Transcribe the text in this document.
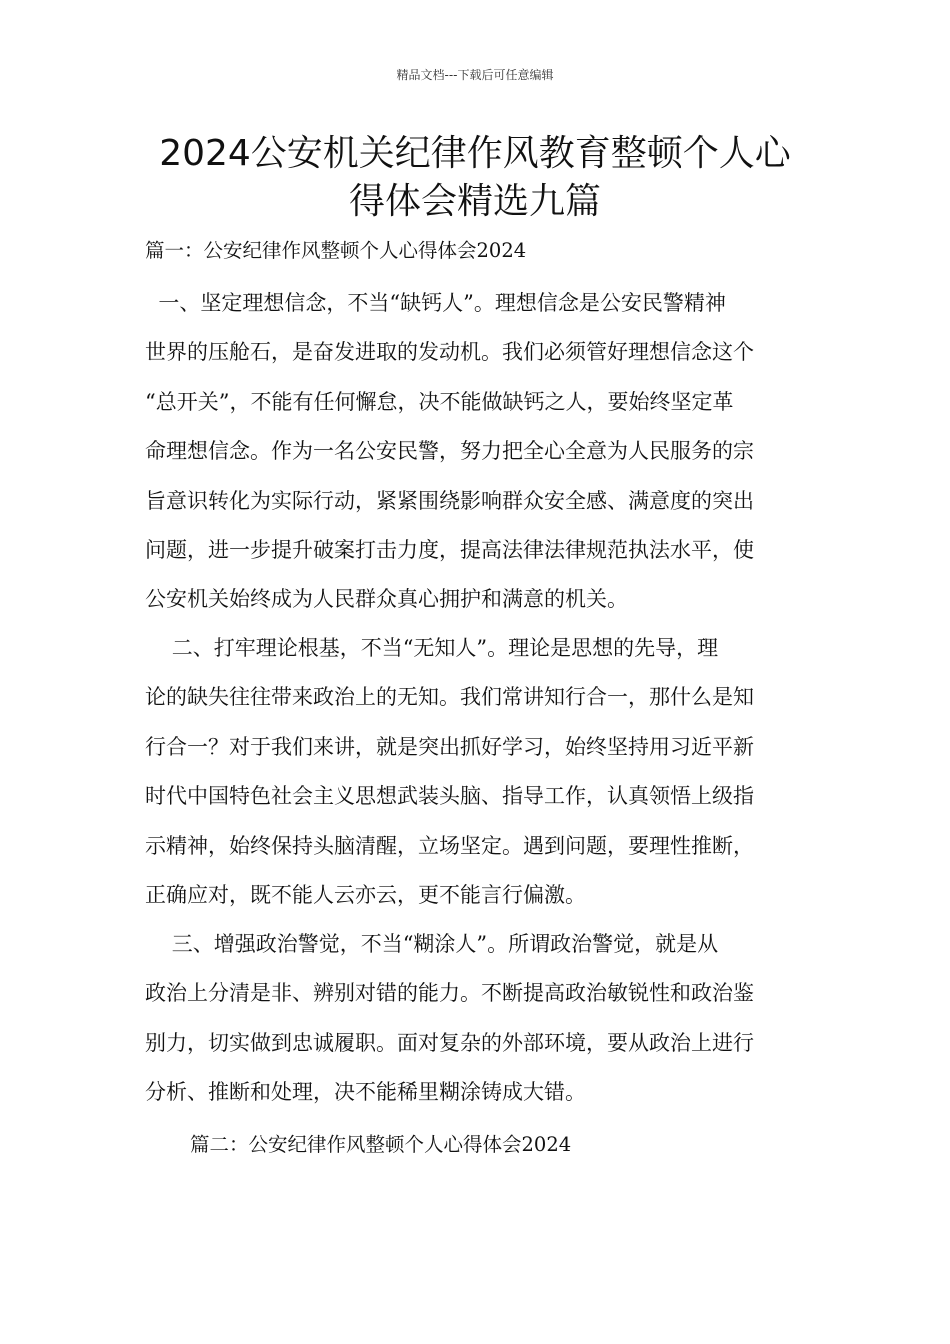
精品文档---下载后可任意编辑
2024公安机关纪律作风教育整顿个人心
得体会精选九篇
篇一：公安纪律作风整顿个人心得体会2024
一、坚定理想信念，不当“缺钙人”。理想信念是公安民警精神
世界的压舱石，是奋发进取的发动机。我们必须管好理想信念这个
“总开关”，不能有任何懈怠，决不能做缺钙之人，要始终坚定革
命理想信念。作为一名公安民警，努力把全心全意为人民服务的宗
旨意识转化为实际行动，紧紧围绕影响群众安全感、满意度的突出
问题，进一步提升破案打击力度，提高法律法律规范执法水平，使
公安机关始终成为人民群众真心拥护和满意的机关。
二、打牢理论根基，不当“无知人”。理论是思想的先导，理
论的缺失往往带来政治上的无知。我们常讲知行合一，那什么是知
行合一？对于我们来讲，就是突出抓好学习，始终坚持用习近平新
时代中国特色社会主义思想武装头脑、指导工作，认真领悟上级指
示精神，始终保持头脑清醒，立场坚定。遇到问题，要理性推断，
正确应对，既不能人云亦云，更不能言行偏激。
三、增强政治警觉，不当“糊涂人”。所谓政治警觉，就是从
政治上分清是非、辨别对错的能力。不断提高政治敏锐性和政治鉴
别力，切实做到忠诚履职。面对复杂的外部环境，要从政治上进行
分析、推断和处理，决不能稀里糊涂铸成大错。
篇二：公安纪律作风整顿个人心得体会2024
